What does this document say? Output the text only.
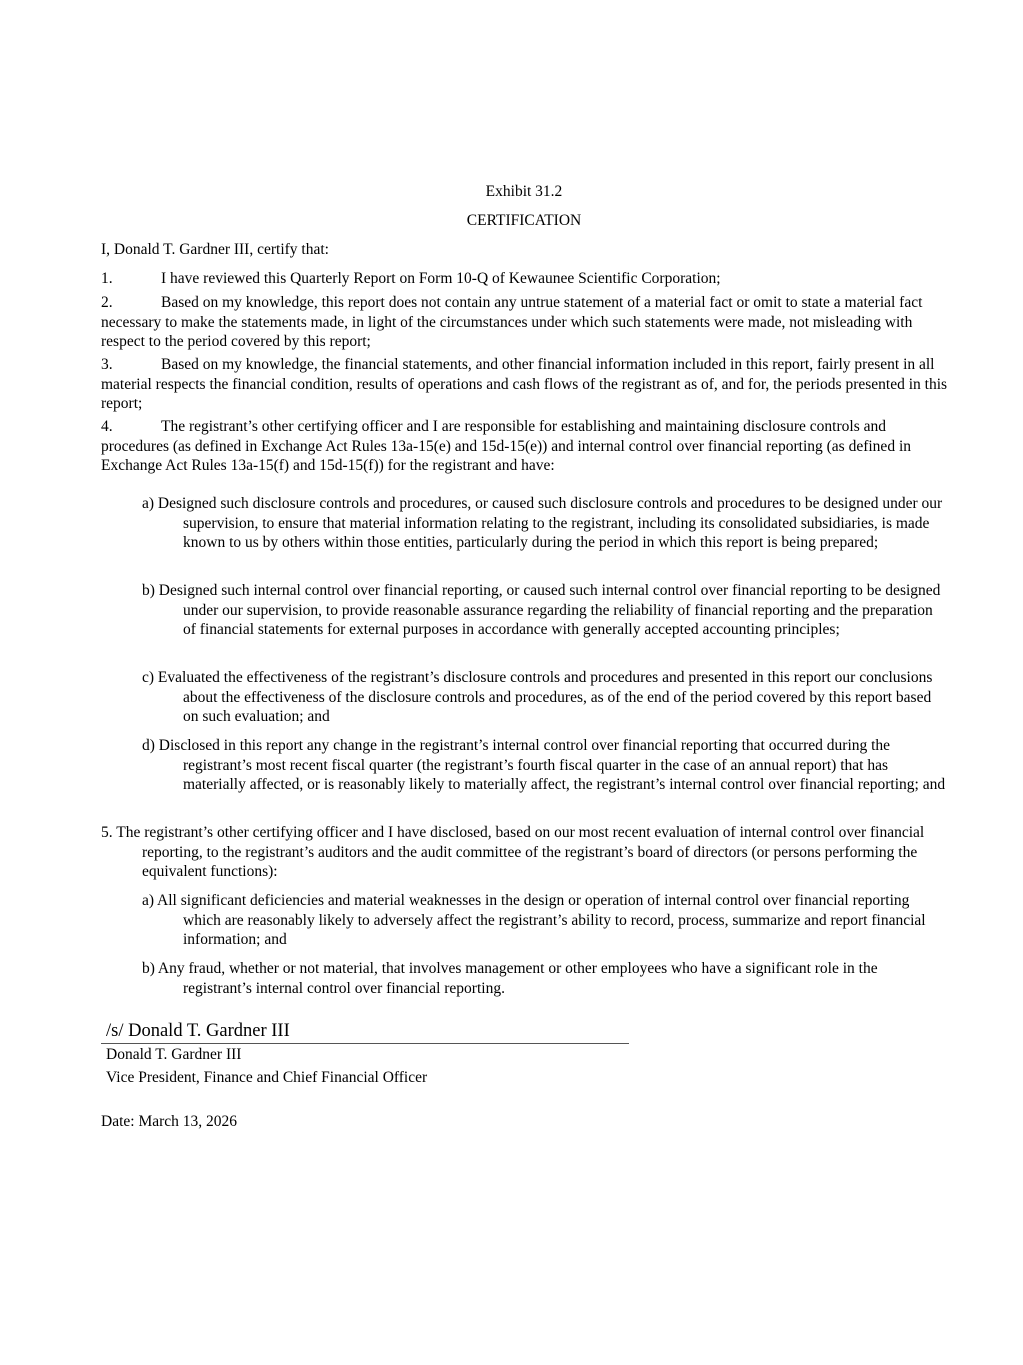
Exhibit 31.2
CERTIFICATION
I, Donald T. Gardner III, certify that:
1.	I have reviewed this Quarterly Report on Form 10-Q of Kewaunee Scientific Corporation;
2.	Based on my knowledge, this report does not contain any untrue statement of a material fact or omit to state a material fact necessary to make the statements made, in light of the circumstances under which such statements were made, not misleading with respect to the period covered by this report;
3.	Based on my knowledge, the financial statements, and other financial information included in this report, fairly present in all material respects the financial condition, results of operations and cash flows of the registrant as of, and for, the periods presented in this report;
4.	The registrant’s other certifying officer and I are responsible for establishing and maintaining disclosure controls and procedures (as defined in Exchange Act Rules 13a-15(e) and 15d-15(e)) and internal control over financial reporting (as defined in Exchange Act Rules 13a-15(f) and 15d-15(f)) for the registrant and have:
a) Designed such disclosure controls and procedures, or caused such disclosure controls and procedures to be designed under our supervision, to ensure that material information relating to the registrant, including its consolidated subsidiaries, is made known to us by others within those entities, particularly during the period in which this report is being prepared;
b) Designed such internal control over financial reporting, or caused such internal control over financial reporting to be designed under our supervision, to provide reasonable assurance regarding the reliability of financial reporting and the preparation of financial statements for external purposes in accordance with generally accepted accounting principles;
c) Evaluated the effectiveness of the registrant’s disclosure controls and procedures and presented in this report our conclusions about the effectiveness of the disclosure controls and procedures, as of the end of the period covered by this report based on such evaluation; and
d) Disclosed in this report any change in the registrant’s internal control over financial reporting that occurred during the registrant’s most recent fiscal quarter (the registrant’s fourth fiscal quarter in the case of an annual report) that has materially affected, or is reasonably likely to materially affect, the registrant’s internal control over financial reporting; and
5. The registrant’s other certifying officer and I have disclosed, based on our most recent evaluation of internal control over financial reporting, to the registrant’s auditors and the audit committee of the registrant’s board of directors (or persons performing the equivalent functions):
a) All significant deficiencies and material weaknesses in the design or operation of internal control over financial reporting which are reasonably likely to adversely affect the registrant’s ability to record, process, summarize and report financial information; and
b) Any fraud, whether or not material, that involves management or other employees who have a significant role in the registrant’s internal control over financial reporting.
/s/ Donald T. Gardner III
Donald T. Gardner III
Vice President, Finance and Chief Financial Officer
Date: March 13, 2026
